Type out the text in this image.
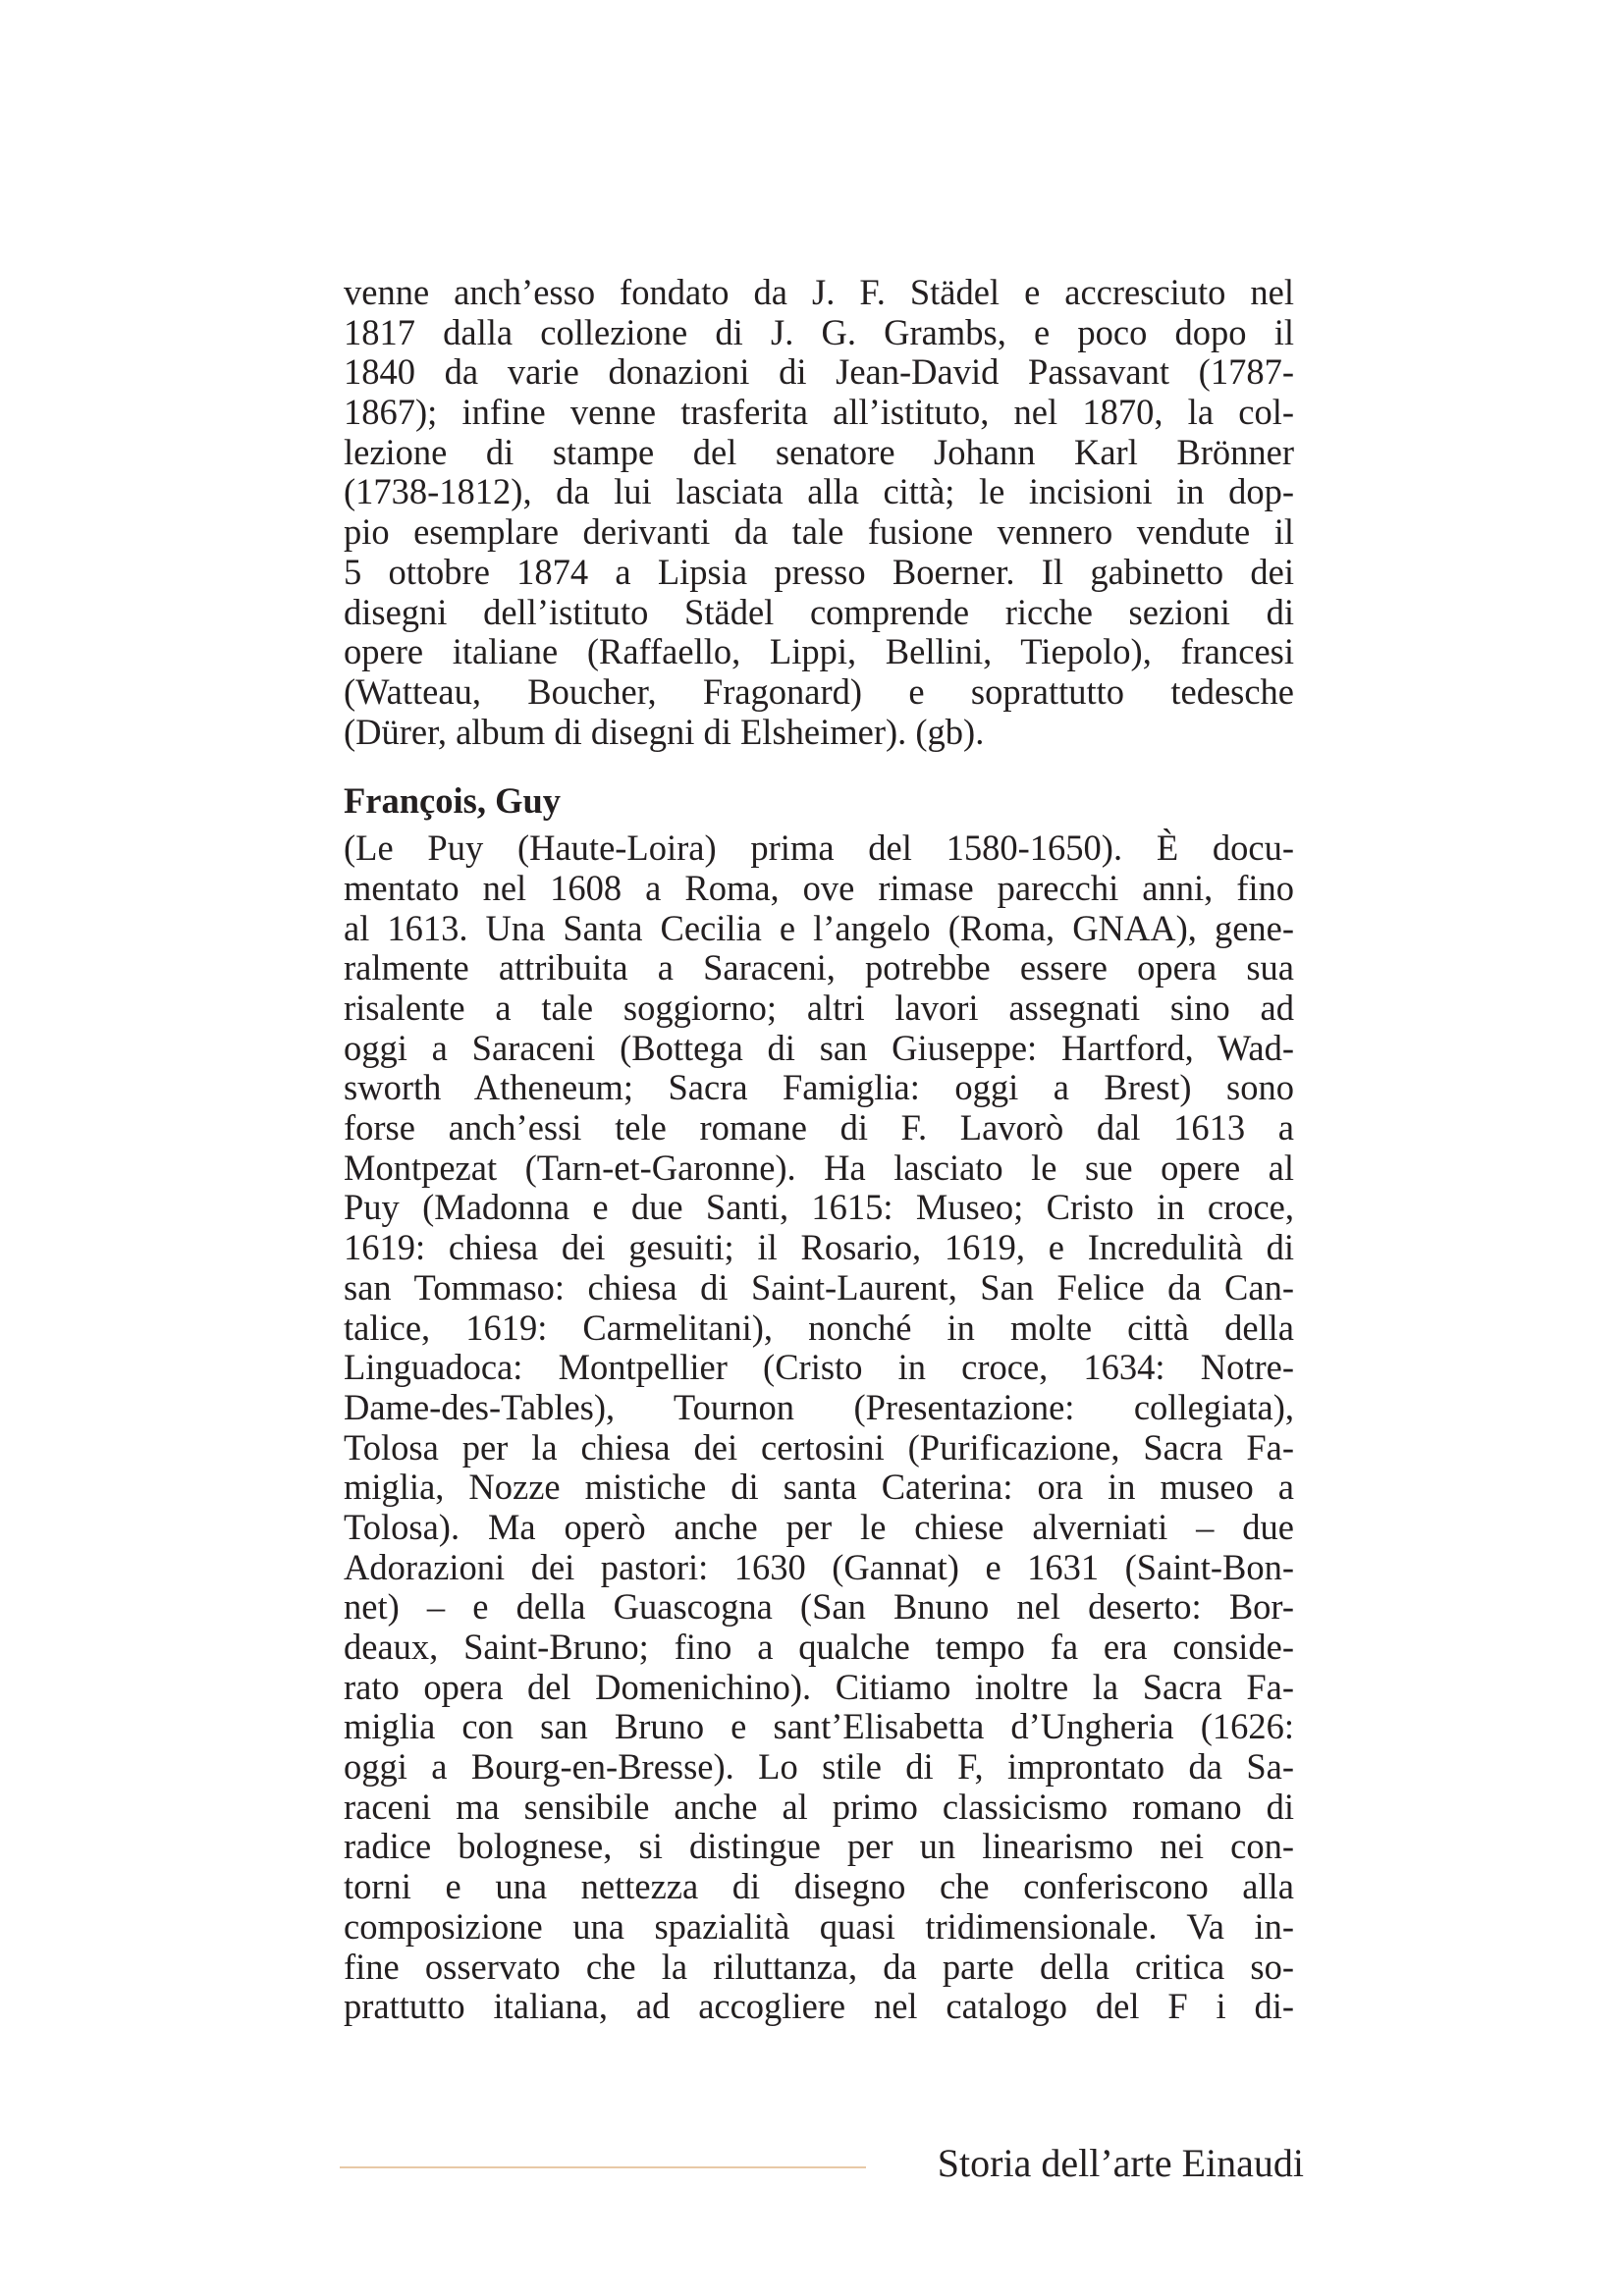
venne anch’esso fondato da J. F. Städel e accresciuto nel
1817 dalla collezione di J. G. Grambs, e poco dopo il
1840 da varie donazioni di Jean-David Passavant (1787-
1867); infine venne trasferita all’istituto, nel 1870, la col-
lezione di stampe del senatore Johann Karl Brönner
(1738-1812), da lui lasciata alla città; le incisioni in dop-
pio esemplare derivanti da tale fusione vennero vendute il
5 ottobre 1874 a Lipsia presso Boerner. Il gabinetto dei
disegni dell’istituto Städel comprende ricche sezioni di
opere italiane (Raffaello, Lippi, Bellini, Tiepolo), francesi
(Watteau, Boucher, Fragonard) e soprattutto tedesche
(Dürer, album di disegni di Elsheimer). (gb).
François, Guy
(Le Puy (Haute-Loira) prima del 1580-1650). È docu-
mentato nel 1608 a Roma, ove rimase parecchi anni, fino
al 1613. Una Santa Cecilia e l’angelo (Roma, GNAA), gene-
ralmente attribuita a Saraceni, potrebbe essere opera sua
risalente a tale soggiorno; altri lavori assegnati sino ad
oggi a Saraceni (Bottega di san Giuseppe: Hartford, Wad-
sworth Atheneum; Sacra Famiglia: oggi a Brest) sono
forse anch’essi tele romane di F. Lavorò dal 1613 a
Montpezat (Tarn-et-Garonne). Ha lasciato le sue opere al
Puy (Madonna e due Santi, 1615: Museo; Cristo in croce,
1619: chiesa dei gesuiti; il Rosario, 1619, e Incredulità di
san Tommaso: chiesa di Saint-Laurent, San Felice da Can-
talice, 1619: Carmelitani), nonché in molte città della
Linguadoca: Montpellier (Cristo in croce, 1634: Notre-
Dame-des-Tables), Tournon (Presentazione: collegiata),
Tolosa per la chiesa dei certosini (Purificazione, Sacra Fa-
miglia, Nozze mistiche di santa Caterina: ora in museo a
Tolosa). Ma operò anche per le chiese alverniati – due
Adorazioni dei pastori: 1630 (Gannat) e 1631 (Saint-Bon-
net) – e della Guascogna (San Bnuno nel deserto: Bor-
deaux, Saint-Bruno; fino a qualche tempo fa era conside-
rato opera del Domenichino). Citiamo inoltre la Sacra Fa-
miglia con san Bruno e sant’Elisabetta d’Ungheria (1626:
oggi a Bourg-en-Bresse). Lo stile di F, improntato da Sa-
raceni ma sensibile anche al primo classicismo romano di
radice bolognese, si distingue per un linearismo nei con-
torni e una nettezza di disegno che conferiscono alla
composizione una spazialità quasi tridimensionale. Va in-
fine osservato che la riluttanza, da parte della critica so-
prattutto italiana, ad accogliere nel catalogo del F i di-
Storia dell’arte Einaudi
